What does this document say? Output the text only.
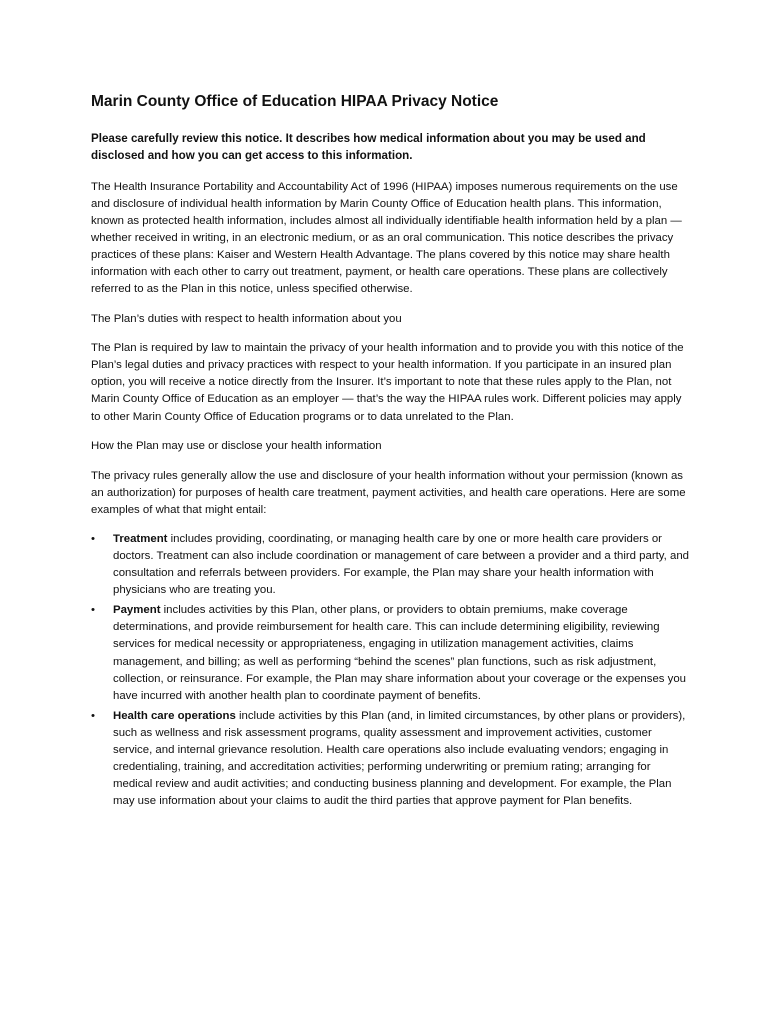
Marin County Office of Education HIPAA Privacy Notice
Please carefully review this notice. It describes how medical information about you may be used and disclosed and how you can get access to this information.

The Health Insurance Portability and Accountability Act of 1996 (HIPAA) imposes numerous requirements on the use and disclosure of individual health information by Marin County Office of Education health plans. This information, known as protected health information, includes almost all individually identifiable health information held by a plan — whether received in writing, in an electronic medium, or as an oral communication. This notice describes the privacy practices of these plans: Kaiser and Western Health Advantage. The plans covered by this notice may share health information with each other to carry out treatment, payment, or health care operations. These plans are collectively referred to as the Plan in this notice, unless specified otherwise.

The Plan’s duties with respect to health information about you

The Plan is required by law to maintain the privacy of your health information and to provide you with this notice of the Plan’s legal duties and privacy practices with respect to your health information. If you participate in an insured plan option, you will receive a notice directly from the Insurer. It’s important to note that these rules apply to the Plan, not Marin County Office of Education as an employer — that’s the way the HIPAA rules work. Different policies may apply to other Marin County Office of Education programs or to data unrelated to the Plan.

How the Plan may use or disclose your health information

The privacy rules generally allow the use and disclosure of your health information without your permission (known as an authorization) for purposes of health care treatment, payment activities, and health care operations. Here are some examples of what that might entail:

• Treatment includes providing, coordinating, or managing health care by one or more health care providers or doctors. Treatment can also include coordination or management of care between a provider and a third party, and consultation and referrals between providers. For example, the Plan may share your health information with physicians who are treating you.
• Payment includes activities by this Plan, other plans, or providers to obtain premiums, make coverage determinations, and provide reimbursement for health care. This can include determining eligibility, reviewing services for medical necessity or appropriateness, engaging in utilization management activities, claims management, and billing; as well as performing “behind the scenes” plan functions, such as risk adjustment, collection, or reinsurance. For example, the Plan may share information about your coverage or the expenses you have incurred with another health plan to coordinate payment of benefits.
• Health care operations include activities by this Plan (and, in limited circumstances, by other plans or providers), such as wellness and risk assessment programs, quality assessment and improvement activities, customer service, and internal grievance resolution. Health care operations also include evaluating vendors; engaging in credentialing, training, and accreditation activities; performing underwriting or premium rating; arranging for medical review and audit activities; and conducting business planning and development. For example, the Plan may use information about your claims to audit the third parties that approve payment for Plan benefits.
